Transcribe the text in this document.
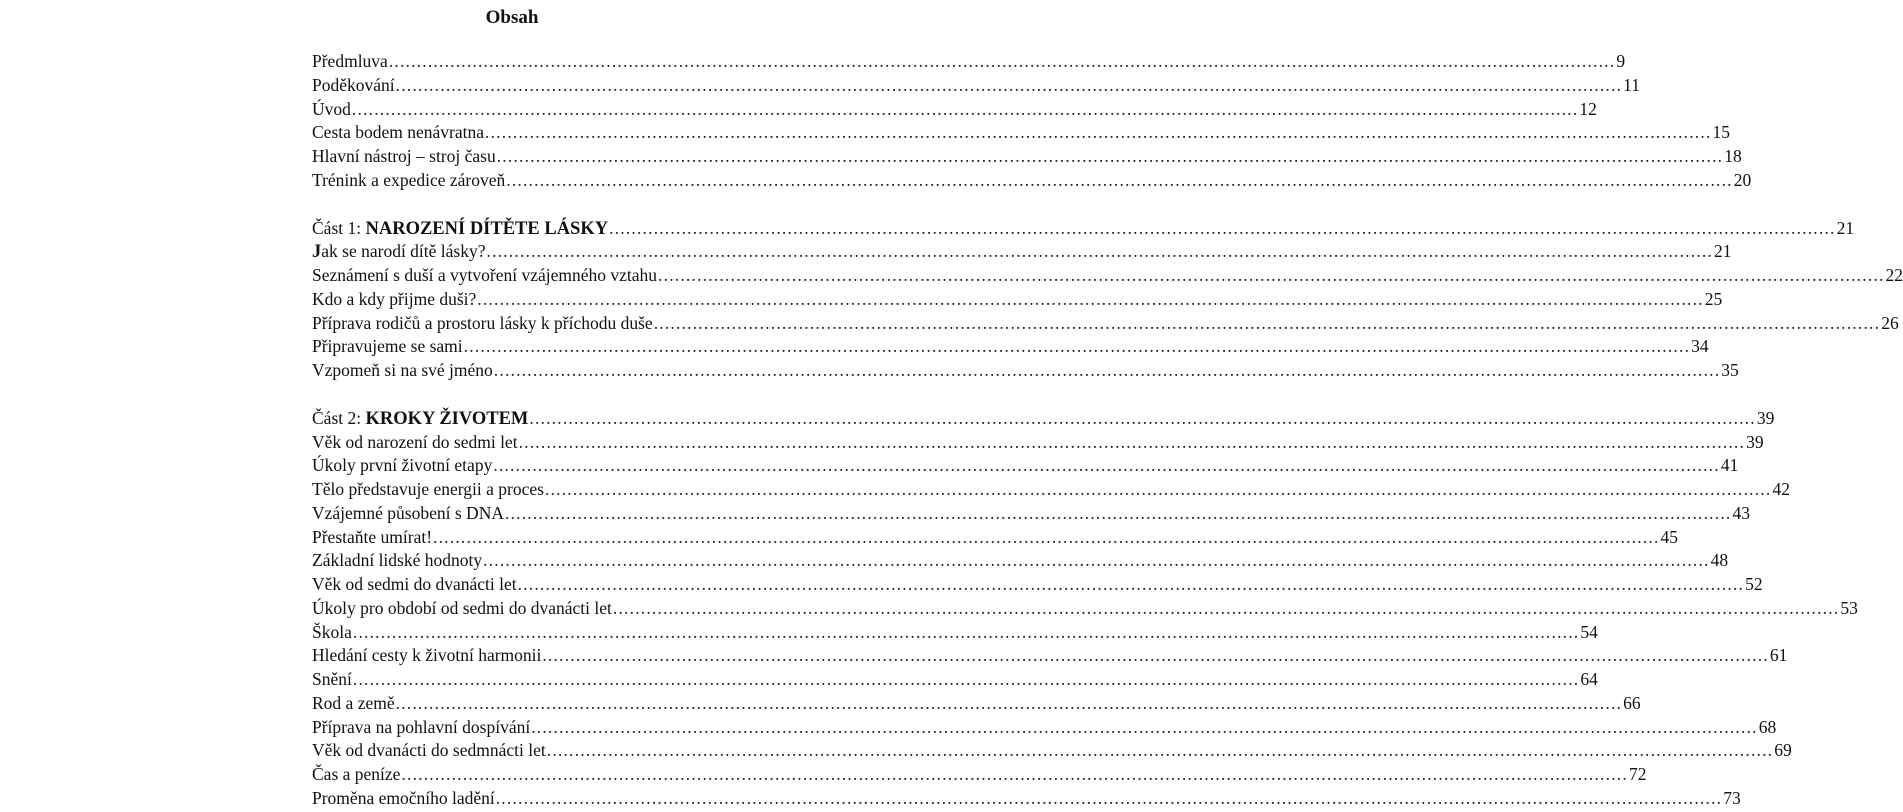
Obsah
Předmluva ............................................................................................................................................................................................................................ 9
Poděkování ............................................................................................................................................................................................................................ 11
Úvod ............................................................................................................................................................................................................................ 12
Cesta bodem nenávratna ............................................................................................................................................................................................................................ 15
Hlavní nástroj – stroj času ............................................................................................................................................................................................................................ 18
Trénink a expedice zároveň ............................................................................................................................................................................................................................ 20
Část 1: NAROZENÍ DÍTĚTE LÁSKY ............................................................................................................................................................................................................................ 21
Jak se narodí dítě lásky? ............................................................................................................................................................................................................................ 21
Seznámení s duší a vytvoření vzájemného vztahu ............................................................................................................................................................................................................................ 22
Kdo a kdy přijme duši? ............................................................................................................................................................................................................................ 25
Příprava rodičů a prostoru lásky k příchodu duše ............................................................................................................................................................................................................................ 26
Připravujeme se sami ............................................................................................................................................................................................................................ 34
Vzpomeň si na své jméno ............................................................................................................................................................................................................................ 35
Část 2: KROKY ŽIVOTEM ............................................................................................................................................................................................................................ 39
Věk od narození do sedmi let ............................................................................................................................................................................................................................ 39
Úkoly první životní etapy ............................................................................................................................................................................................................................ 41
Tělo představuje energii a proces ............................................................................................................................................................................................................................ 42
Vzájemné působení s DNA ............................................................................................................................................................................................................................ 43
Přestaňte umírat! ............................................................................................................................................................................................................................ 45
Základní lidské hodnoty ............................................................................................................................................................................................................................ 48
Věk od sedmi do dvanácti let ............................................................................................................................................................................................................................ 52
Úkoly pro období od sedmi do dvanácti let ............................................................................................................................................................................................................................ 53
Škola ............................................................................................................................................................................................................................ 54
Hledání cesty k životní harmonii ............................................................................................................................................................................................................................ 61
Snění ............................................................................................................................................................................................................................ 64
Rod a země ............................................................................................................................................................................................................................ 66
Příprava na pohlavní dospívání ............................................................................................................................................................................................................................ 68
Věk od dvanácti do sedmnácti let ............................................................................................................................................................................................................................ 69
Čas a peníze ............................................................................................................................................................................................................................ 72
Proměna emočního ladění ............................................................................................................................................................................................................................ 73
